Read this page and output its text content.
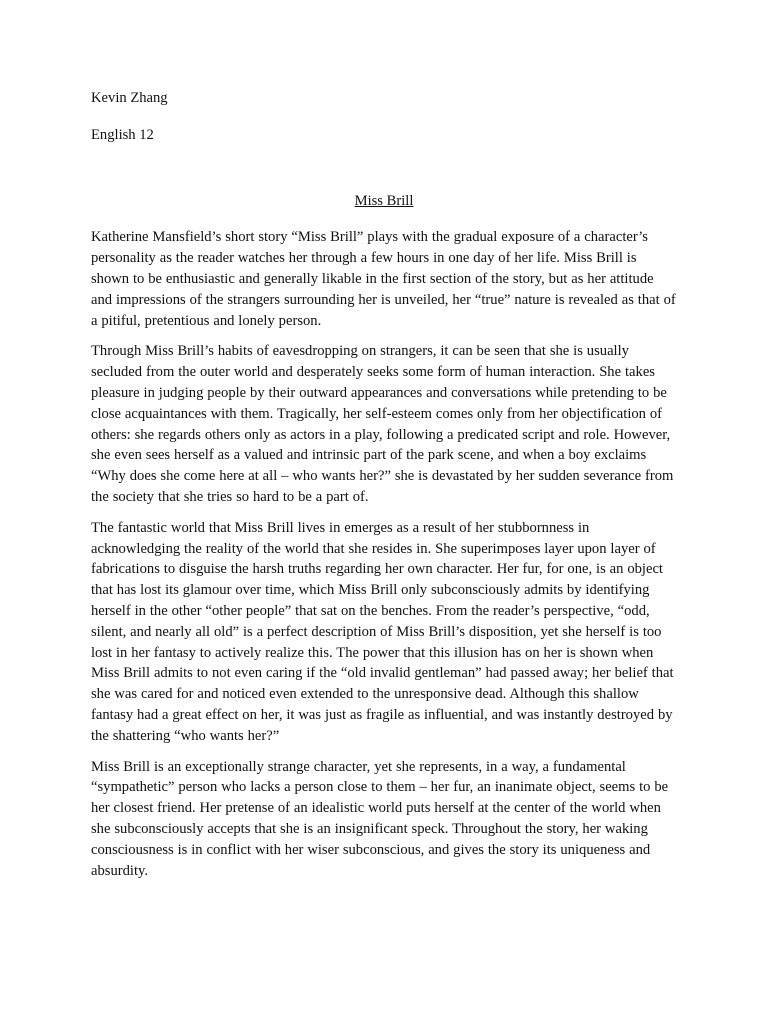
Kevin Zhang

English 12

Miss Brill

Katherine Mansfield’s short story “Miss Brill” plays with the gradual exposure of a character’s personality as the reader watches her through a few hours in one day of her life. Miss Brill is shown to be enthusiastic and generally likable in the first section of the story, but as her attitude and impressions of the strangers surrounding her is unveiled, her “true” nature is revealed as that of a pitiful, pretentious and lonely person.

Through Miss Brill’s habits of eavesdropping on strangers, it can be seen that she is usually secluded from the outer world and desperately seeks some form of human interaction. She takes pleasure in judging people by their outward appearances and conversations while pretending to be close acquaintances with them. Tragically, her self-esteem comes only from her objectification of others: she regards others only as actors in a play, following a predicated script and role. However, she even sees herself as a valued and intrinsic part of the park scene, and when a boy exclaims “Why does she come here at all – who wants her?” she is devastated by her sudden severance from the society that she tries so hard to be a part of.

The fantastic world that Miss Brill lives in emerges as a result of her stubbornness in acknowledging the reality of the world that she resides in. She superimposes layer upon layer of fabrications to disguise the harsh truths regarding her own character. Her fur, for one, is an object that has lost its glamour over time, which Miss Brill only subconsciously admits by identifying herself in the other “other people” that sat on the benches. From the reader’s perspective, “odd, silent, and nearly all old” is a perfect description of Miss Brill’s disposition, yet she herself is too lost in her fantasy to actively realize this. The power that this illusion has on her is shown when Miss Brill admits to not even caring if the “old invalid gentleman” had passed away; her belief that she was cared for and noticed even extended to the unresponsive dead. Although this shallow fantasy had a great effect on her, it was just as fragile as influential, and was instantly destroyed by the shattering “who wants her?”

Miss Brill is an exceptionally strange character, yet she represents, in a way, a fundamental “sympathetic” person who lacks a person close to them – her fur, an inanimate object, seems to be her closest friend. Her pretense of an idealistic world puts herself at the center of the world when she subconsciously accepts that she is an insignificant speck. Throughout the story, her waking consciousness is in conflict with her wiser subconscious, and gives the story its uniqueness and absurdity.
